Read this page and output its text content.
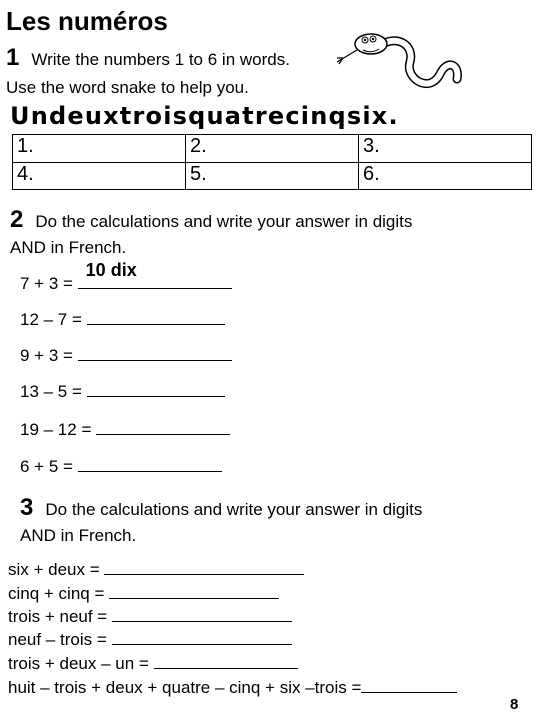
Les numéros
1 Write the numbers 1 to 6 in words.
Use the word snake to help you.
Undeuxtroisquatrecinqsix.
1.	2.	3.
4.	5.	6.
2 Do the calculations and write your answer in digits
AND in French.
7 + 3 =
10 dix
12 – 7 =
9 + 3 =
13 – 5 =
19 – 12 =
6 + 5 =
3 Do the calculations and write your answer in digits
AND in French.
six + deux =
cinq + cinq =
trois + neuf =
neuf – trois =
trois + deux – un =
huit – trois + deux + quatre – cinq + six –trois =
8
